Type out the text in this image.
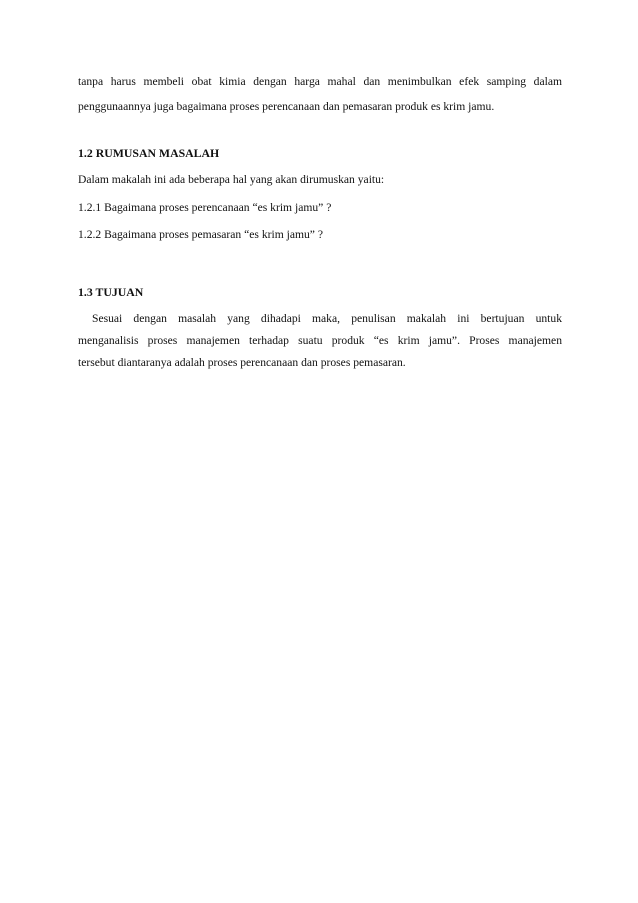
tanpa harus membeli obat kimia dengan harga mahal dan menimbulkan efek samping dalam
penggunaannya juga bagaimana proses perencanaan dan pemasaran produk es krim jamu.
1.2 RUMUSAN MASALAH
Dalam makalah ini ada beberapa hal yang akan dirumuskan yaitu:
1.2.1 Bagaimana proses perencanaan “es krim jamu” ?
1.2.2 Bagaimana proses pemasaran “es krim jamu” ?
1.3 TUJUAN
Sesuai dengan masalah yang dihadapi maka, penulisan makalah ini bertujuan untuk
menganalisis proses manajemen terhadap suatu produk “es krim jamu”. Proses manajemen
tersebut diantaranya adalah proses perencanaan dan proses pemasaran.
